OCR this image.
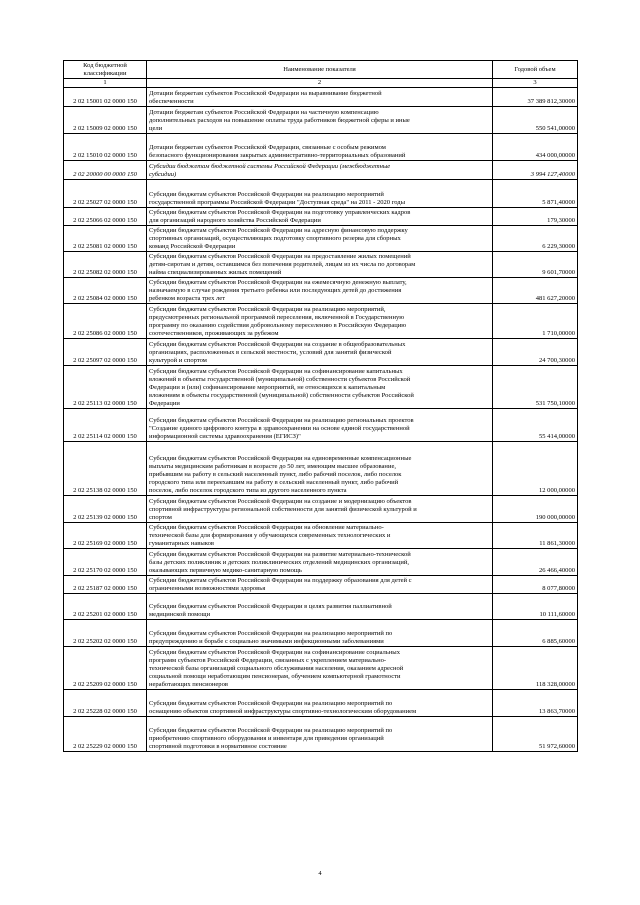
Код бюджетной классификации	Наименование показателя	Годовой объем
1	2	3
2 02 15001 02 0000 150	Дотации бюджетам субъектов Российской Федерации на выравнивание бюджетной
обеспеченности	37 389 812,30000
2 02 15009 02 0000 150	Дотации бюджетам субъектов Российской Федерации на частичную компенсацию
дополнительных расходов на повышение оплаты труда работников бюджетной сферы и иные
цели	550 541,00000
2 02 15010 02 0000 150	Дотации бюджетам субъектов Российской Федерации, связанные с особым режимом
безопасного функционирования закрытых административно-территориальных образований	434 000,00000
2 02 20000 00 0000 150	Субсидии бюджетам бюджетной системы Российской Федерации (межбюджетные
субсидии)	3 994 127,40000
2 02 25027 02 0000 150	Субсидии бюджетам субъектов Российской Федерации на реализацию мероприятий
государственной программы Российской Федерации "Доступная среда" на 2011 - 2020 годы	5 871,40000
2 02 25066 02 0000 150	Субсидии бюджетам субъектов Российской Федерации на подготовку управленческих кадров
для организаций народного хозяйства Российской Федерации	179,30000
2 02 25081 02 0000 150	Субсидии бюджетам субъектов Российской Федерации на адресную финансовую поддержку
спортивных организаций, осуществляющих подготовку спортивного резерва для сборных
команд Российской Федерации	6 229,30000
2 02 25082 02 0000 150	Субсидии бюджетам субъектов Российской Федерации на предоставление жилых помещений
детям-сиротам и детям, оставшимся без попечения родителей, лицам из их числа по договорам
найма специализированных жилых помещений	9 601,70000
2 02 25084 02 0000 150	Субсидии бюджетам субъектов Российской Федерации на ежемесячную денежную выплату,
назначаемую в случае рождения третьего ребенка или последующих детей до достижения
ребенком возраста трех лет	481 627,20000
2 02 25086 02 0000 150	Субсидии бюджетам субъектов Российской Федерации на реализацию мероприятий,
предусмотренных региональной программой переселения, включенной в Государственную
программу по оказанию содействия добровольному переселению в Российскую Федерацию
соотечественников, проживающих за рубежом	1 710,00000
2 02 25097 02 0000 150	Субсидии бюджетам субъектов Российской Федерации на создание в общеобразовательных
организациях, расположенных в сельской местности, условий для занятий физической
культурой и спортом	24 700,30000
2 02 25113 02 0000 150	Субсидии бюджетам субъектов Российской Федерации на софинансирование капитальных
вложений в объекты государственной (муниципальной) собственности субъектов Российской
Федерации и (или) софинансирование мероприятий, не относящихся к капитальным
вложениям в объекты государственной (муниципальной) собственности субъектов Российской
Федерации	531 750,10000
2 02 25114 02 0000 150	Субсидии бюджетам субъектов Российской Федерации на реализацию региональных проектов
"Создание единого цифрового контура в здравоохранении на основе единой государственной
информационной системы здравоохранения (ЕГИСЗ)"	55 414,00000
2 02 25138 02 0000 150	Субсидии бюджетам субъектов Российской Федерации на единовременные компенсационные
выплаты медицинским работникам в возрасте до 50 лет, имеющим высшее образование,
прибывшим на работу в сельский населенный пункт, либо рабочий поселок, либо поселок
городского типа или переехавшим на работу в сельский населенный пункт, либо рабочий
поселок, либо поселок городского типа из другого населенного пункта	12 000,00000
2 02 25139 02 0000 150	Субсидии бюджетам субъектов Российской Федерации на создание и модернизацию объектов
спортивной инфраструктуры региональной собственности для занятий физической культурой и
спортом	190 000,00000
2 02 25169 02 0000 150	Субсидии бюджетам субъектов Российской Федерации на обновление материально-
технической базы для формирования у обучающихся современных технологических и
гуманитарных навыков	11 861,30000
2 02 25170 02 0000 150	Субсидии бюджетам субъектов Российской Федерации на развитие материально-технической
базы детских поликлиник и детских поликлинических отделений медицинских организаций,
оказывающих первичную медико-санитарную помощь	26 466,40000
2 02 25187 02 0000 150	Субсидии бюджетам субъектов Российской Федерации на поддержку образования для детей с
ограниченными возможностями здоровья	8 077,80000
2 02 25201 02 0000 150	Субсидии бюджетам субъектов Российской Федерации в целях развития паллиативной
медицинской помощи	10 111,60000
2 02 25202 02 0000 150	Субсидии бюджетам субъектов Российской Федерации на реализацию мероприятий по
предупреждению и борьбе с социально значимыми инфекционными заболеваниями	6 885,60000
2 02 25209 02 0000 150	Субсидии бюджетам субъектов Российской Федерации на софинансирование социальных
программ субъектов Российской Федерации, связанных с укреплением материально-
технической базы организаций социального обслуживания населения, оказанием адресной
социальной помощи неработающим пенсионерам, обучением компьютерной грамотности
неработающих пенсионеров	118 328,00000
2 02 25228 02 0000 150	Субсидии бюджетам субъектов Российской Федерации на реализацию мероприятий по
оснащению объектов спортивной инфраструктуры спортивно-технологическим оборудованием	13 863,70000
2 02 25229 02 0000 150	Субсидии бюджетам субъектов Российской Федерации на реализацию мероприятий по
приобретению спортивного оборудования и инвентаря для приведения организаций
спортивной подготовки в нормативное состояние	51 972,60000
4
